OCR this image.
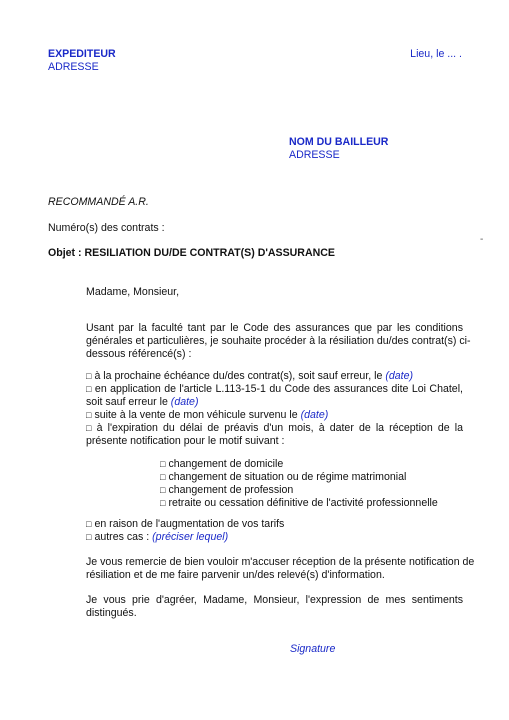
EXPEDITEUR
ADRESSE
Lieu, le ... .
NOM DU BAILLEUR
ADRESSE
RECOMMANDÉ A.R.
Numéro(s) des contrats :
-
Objet : RESILIATION DU/DE CONTRAT(S) D'ASSURANCE
Madame, Monsieur,
Usant par la faculté tant par le Code des assurances que par les conditions
générales et particulières, je souhaite procéder à la résiliation du/des contrat(s) ci-
dessous référencé(s) :
□ à la prochaine échéance du/des contrat(s), soit sauf erreur, le (date)
□ en application de l'article L.113-15-1 du Code des assurances dite Loi Chatel,
soit sauf erreur le (date)
□ suite à la vente de mon véhicule survenu le (date)
□ à l'expiration du délai de préavis d'un mois, à dater de la réception de la
présente notification pour le motif suivant :
□ changement de domicile
□ changement de situation ou de régime matrimonial
□ changement de profession
□ retraite ou cessation définitive de l'activité professionnelle
□ en raison de l'augmentation de vos tarifs
□ autres cas : (préciser lequel)
Je vous remercie de bien vouloir m'accuser réception de la présente notification de
résiliation et de me faire parvenir un/des relevé(s) d'information.
Je vous prie d'agréer, Madame, Monsieur, l'expression de mes sentiments
distingués.
Signature
